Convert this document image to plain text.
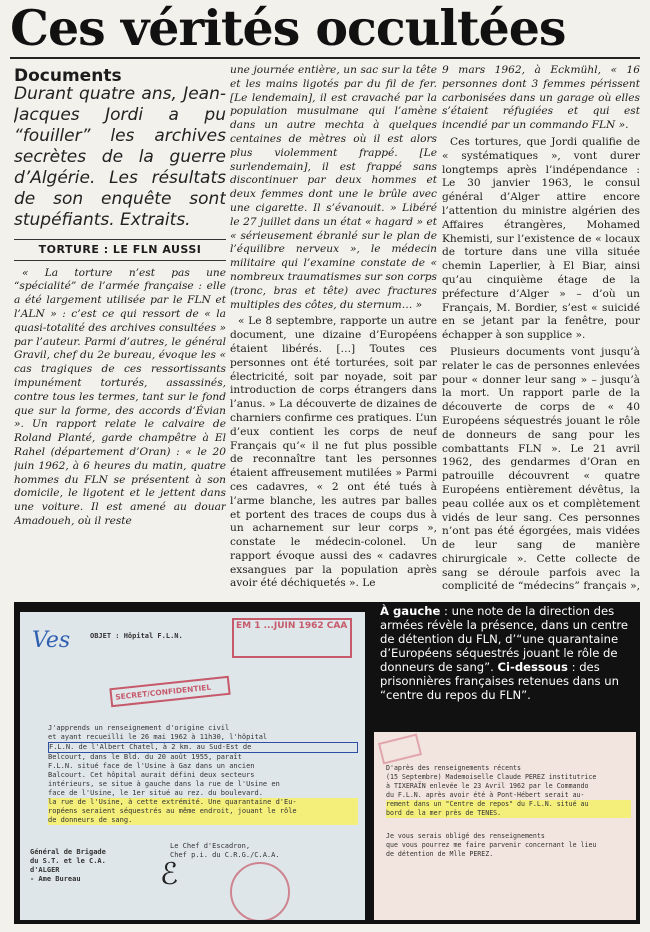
Ces vérités occultées
Documents
Durant quatre ans, Jean-Jacques Jordi a pu “fouiller” les archives secrètes de la guerre d’Algérie. Les résultats de son enquête sont stupéfiants. Extraits.
TORTURE : LE FLN AUSSI

« La torture n’est pas une “spécialité” de l’armée française : elle a été largement utilisée par le FLN et l’ALN » : c’est ce qui ressort de « la quasi-totalité des archives consultées » par l’auteur. Parmi d’autres, le général Gravil, chef du 2e bureau, évoque les « cas tragiques de ces ressortissants impunément torturés, assassinés, contre tous les termes, tant sur le fond que sur la forme, des accords d’Évian ». Un rapport relate le calvaire de Roland Planté, garde champêtre à El Rahel (département d’Oran) : « le 20 juin 1962, à 6 heures du matin, quatre hommes du FLN se présentent à son domicile, le ligotent et le jettent dans une voiture. Il est amené au douar Amadoueh, où il reste

une journée entière, un sac sur la tête et les mains ligotés par du fil de fer. [Le lendemain], il est cravaché par la population musulmane qui l’amène dans un autre mechta à quelques centaines de mètres où il est alors plus violemment frappé. [Le surlendemain], il est frappé sans discontinuer par deux hommes et deux femmes dont une le brûle avec une cigarette. Il s’évanouit. » Libéré le 27 juillet dans un état « hagard » et « sérieusement ébranlé sur le plan de l’équilibre nerveux », le médecin militaire qui l’examine constate de « nombreux traumatismes sur son corps (tronc, bras et tête) avec fractures multiples des côtes, du sternum… »

« Le 8 septembre, rapporte un autre document, une dizaine d’Européens étaient libérés. […] Toutes ces personnes ont été torturées, soit par électricité, soit par noyade, soit par introduction de corps étrangers dans l’anus. » La découverte de dizaines de charniers confirme ces pratiques. L’un d’eux contient les corps de neuf Français qu’« il ne fut plus possible de reconnaître tant les personnes étaient affreusement mutilées » Parmi ces cadavres, « 2 ont été tués à l’arme blanche, les autres par balles et portent des traces de coups dus à un acharnement sur leur corps », constate le médecin-colonel. Un rapport évoque aussi des « cadavres exsangues par la population après avoir été déchiquetés ». Le

9 mars 1962, à Eckmühl, « 16 personnes dont 3 femmes périssent carbonisées dans un garage où elles s’étaient réfugiées et qui est incendié par un commando FLN ».

Ces tortures, que Jordi qualifie de « systématiques », vont durer longtemps après l’indépendance : Le 30 janvier 1963, le consul général d’Alger attire encore l’attention du ministre algérien des Affaires étrangères, Mohamed Khemisti, sur l’existence de « locaux de torture dans une villa située chemin Laperlier, à El Biar, ainsi qu’au cinquième étage de la préfecture d’Alger » – d’où un Français, M. Bordier, s’est « suicidé en se jetant par la fenêtre, pour échapper à son supplice ».

Plusieurs documents vont jusqu’à relater le cas de personnes enlevées pour « donner leur sang » – jusqu’à la mort. Un rapport parle de la découverte de corps de « 40 Européens séquestrés jouant le rôle de donneurs de sang pour les combattants FLN ». Le 21 avril 1962, des gendarmes d’Oran en patrouille découvrent « quatre Européens entièrement dévêtus, la peau collée aux os et complètement vidés de leur sang. Ces personnes n’ont pas été égorgées, mais vidées de leur sang de manière chirurgicale ». Cette collecte de sang se déroule parfois avec la complicité de “médecins” français »,

Ves	OBJET : Hôpital F.L.N.
EM 1 ...JUIN 1962 CAA
SECRET/CONFIDENTIEL
J'apprends un renseignement d'origine civil
et ayant recueilli le 26 mai 1962 à 11h30, l'hôpital
F.L.N. de l'Albert Chatel, à 2 km. au Sud-Est de
Belcourt, dans le Bld. du 20 août 1955, paraît
F.L.N. situé face de l'Usine à Gaz dans un ancien
Balcourt. Cet hôpital aurait défini deux secteurs
intérieurs, se situe à gauche dans la rue de l'Usine en
face de l'Usine, le 1er situé au rez. du boulevard.
la rue de l'Usine, à cette extrémité. Une quarantaine d'Eu-
ropéens seraient séquestrés au même endroit, jouant le rôle
de donneurs de sang.
Le Chef d'Escadron,
Chef p.i. du C.R.G./C.A.A.
Général de Brigade
du S.T. et le C.A.
d'ALGER
- Ame Bureau	ℰ
À gauche : une note de la direction des armées révèle la présence, dans un centre de détention du FLN, d’“une quarantaine d’Européens séquestrés jouant le rôle de donneurs de sang”. Ci-dessous : des prisonnières françaises retenues dans un “centre du repos du FLN”.
D'après des renseignements récents
(15 Septembre) Mademoiselle Claude PEREZ institutrice
à TIXERAÏN enlevée le 23 Avril 1962 par le Commando
du F.L.N. après avoir été à Pont-Hébert serait au-
rement dans un "Centre de repos" du F.L.N. situé au
bord de la mer près de TENES.
Je vous serais obligé des renseignements
que vous pourrez me faire parvenir concernant le lieu
de détention de Mlle PEREZ.
